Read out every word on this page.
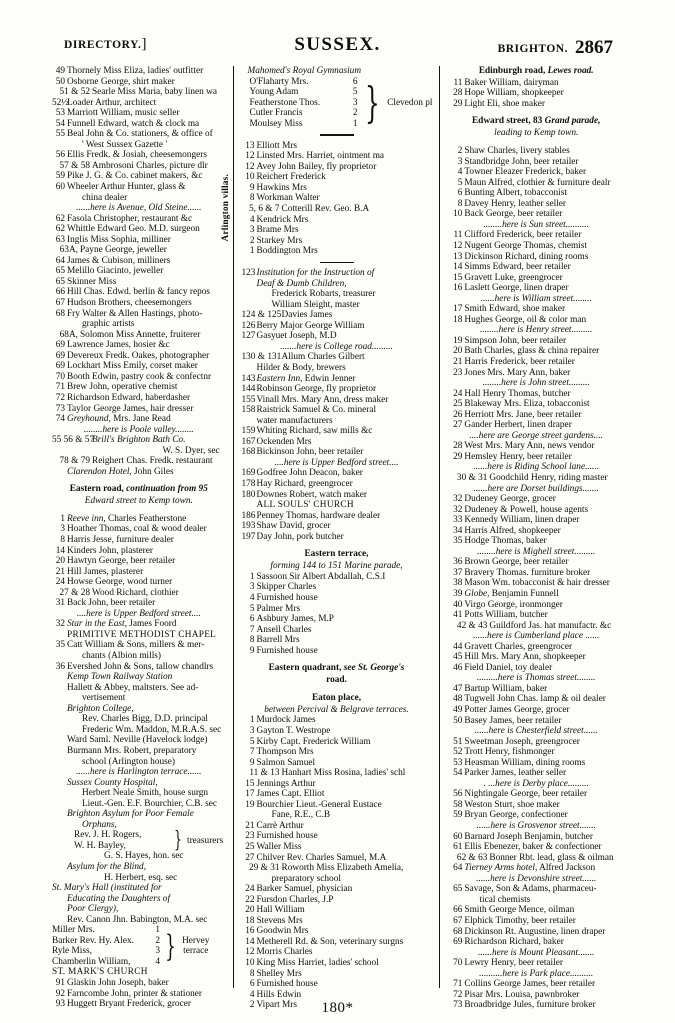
DIRECTORY.]	SUSSEX.	BRIGHTON. 2867
49 Thornely Miss Eliza, ladies' outfitter
50 Osborne George, shirt maker
51 & 52 Searle Miss Maria, baby linen wa
52½Loader Arthur, architect
53 Marriott William, music seller
54 Funnell Edward, watch & clock ma
55 Beal John & Co. stationers, & office of
' West Sussex Gazette '
56 Ellis Fredk. & Josiah, cheesemongers
57 & 58 Ambrosoni Charles, picture dlr
59 Pike J. G. & Co. cabinet makers, &c
60 Wheeler Arthur Hunter, glass &
china dealer
......here is Avenue, Old Steine......
62 Fasola Christopher, restaurant &c
62 Whittle Edward Geo. M.D. surgeon
63 Inglis Miss Sophia, milliner
63A, Payne George, jeweller
64 James & Cubison, milliners
65 Melillo Giacinto, jeweller
65 Skinner Miss
66 Hill Chas. Edwd. berlin & fancy repos
67 Hudson Brothers, cheesemongers
68 Fry Walter & Allen Hastings, photo-
graphic artists
68A, Solomon Miss Annette, fruiterer
69 Lawrence James, hosier &c
69 Devereux Fredk. Oakes, photographer
69 Lockhart Miss Emily, corset maker
70 Booth Edwin, pastry cook & confectnr
71 Brew John, operative chemist
72 Richardson Edward, haberdasher
73 Taylor George James, hair dresser
74 Greyhound, Mrs. Jane Read
........here is Poole valley........
55 56 & 57Brill's Brighton Bath Co.
W. S. Dyer, sec
78 & 79 Reighert Chas. Fredk. restaurant
Clarendon Hotel, John Giles
Eastern road, continuation from 95
Edward street to Kemp town.
1 Reeve inn, Charles Featherstone
3 Hoather Thomas, coal & wood dealer
8 Harris Jesse, furniture dealer
14 Kinders John, plasterer
20 Hawtyn George, beer retailer
21 Hill James, plasterer
24 Howse George, wood turner
27 & 28 Wood Richard, clothier
31 Back John, beer retailer
....here is Upper Bedford street....
32 Star in the East, James Foord
PRIMITIVE METHODIST CHAPEL
35 Catt William & Sons, millers & mer-
chants (Albion mills)
36 Evershed John & Sons, tallow chandlrs
Kemp Town Railway Station
Hallett & Abbey, maltsters. See ad-
vertisement
Brighton College,
Rev. Charles Bigg, D.D. principal
Frederic Wm. Maddon, M.R.A.S. sec
Ward Saml. Neville (Havelock lodge)
Burmann Mrs. Robert, preparatory
school (Arlington house)
......here is Harlington terrace......
Sussex County Hospital,
Herbert Neale Smith, house surgn
Lieut.-Gen. E.F. Bourchier, C.B. sec
Brighton Asylum for Poor Female
Orphans,
Rev. J. H. Rogers,
W. H. Bayley, } treasurers
G. S. Hayes, hon. sec
Asylum for the Blind,
H. Herbert, esq. sec
St. Mary's Hall (instituted for
Educating the Daughters of
Poor Clergy),
Rev. Canon Jhn. Babington, M.A. sec
Miller Mrs.	1
Barker Rev. Hy. Alex. 2
Ryle Miss,	3
Chamberlin William,	4 } Hervey
terrace
ST. MARK'S CHURCH
91 Glaskin John Joseph, baker
92 Farncombe John, printer & stationer
93 Huggett Bryant Frederick, grocer
Arlington villas.
Mahomed's Royal Gymnasium
O'Flaharty Mrs.	6
Young Adam	5
Featherstone Thos.	3
Cutler Francis	2
Moulsey Miss	1 } Clevedon pl
13 Elliott Mrs
12 Linsted Mrs. Harriet, ointment ma
12 Avey John Bailey, fly proprietor
10 Reichert Frederick
9 Hawkins Mrs
8 Workman Walter
5, 6 & 7 Cotterill Rev. Geo. B.A
4 Kendrick Mrs
3 Brame Mrs
2 Starkey Mrs
1 Boddington Mrs
123Institution for the Instruction of
Deaf & Dumb Children,
Frederick Robarts, treasurer
William Sleight, master
124 & 125Davies James
126Berry Major George William
127Gasyuet Joseph, M.D
.......here is College road.........
130 & 131Allum Charles Gilbert
Hilder & Body, brewers
143Eastern Inn, Edwin Jenner
144Robinson George, fly proprietor
155Vinall Mrs. Mary Ann, dress maker
158Raistrick Samuel & Co. mineral
water manufacturers
159Whiting Richard, saw mills &c
167Ockenden Mrs
168Bickinson John, beer retailer
....here is Upper Bedford street....
169Godfree John Deacon, baker
178Hay Richard, greengrocer
180Downes Robert, watch maker
ALL SOULS' CHURCH
186Penney Thomas, hardware dealer
193Shaw David, grocer
197Day John, pork butcher
Eastern terrace,
forming 144 to 151 Marine parade,
1 Sassoon Sir Albert Abdallah, C.S.I
3 Skipper Charles
4 Furnished house
5 Palmer Mrs
6 Ashbury James, M.P
7 Ansell Charles
8 Barrell Mrs
9 Furnished house
Eastern quadrant, see St. George's
road.
Eaton place,
between Percival & Belgrave terraces.
1 Murdock James
3 Gayton T. Westrope
5 Kirby Capt. Frederick William
7 Thompson Mrs
9 Salmon Samuel
11 & 13 Hanhart Miss Rosina, ladies' schl
15 Jennings Arthur
17 James Capt. Elliot
19 Bourchier Lieut.-General Eustace
Fane, R.E., C.B
21 Carrè Arthur
23 Furnished house
25 Waller Miss
27 Chilver Rev. Charles Samuel, M.A
29 & 31 Roworth Miss Elizabeth Amelia,
preparatory school
24 Barker Samuel, physician
22 Fursdon Charles, J.P
20 Hall William
18 Stevens Mrs
16 Goodwin Mrs
14 Metherell Rd. & Son, veterinary surgns
12 Morris Charles
10 King Miss Harriet, ladies' school
8 Shelley Mrs
6 Furnished house
4 Hills Edwin
2 Vipart Mrs
Edinburgh road, Lewes road.
11 Baker William, dairyman
28 Hope William, shopkeeper
29 Light Eli, shoe maker
Edward street, 83 Grand parade,
leading to Kemp town.
2 Shaw Charles, livery stables
3 Standbridge John, beer retailer
4 Towner Eleazer Frederick, baker
5 Maun Alfred, clothier & furniture dealr
6 Bunting Albert, tobacconist
8 Davey Henry, leather seller
10 Back George, beer retailer
........here is Sun street..........
11 Clifford Frederick, beer retailer
12 Nugent George Thomas, chemist
13 Dickinson Richard, dining rooms
14 Simms Edward, beer retailer
15 Gravett Luke, greengrocer
16 Laslett George, linen draper
......here is William street........
17 Smith Edward, shoe maker
18 Hughes George, oil & color man
........here is Henry street.........
19 Simpson John, beer retailer
20 Bath Charles, glass & china repairer
21 Harris Frederick, beer retailer
23 Jones Mrs. Mary Ann, baker
........here is John street.........
24 Hall Henry Thomas, butcher
25 Blakeway Mrs. Eliza, tobacconist
26 Herriott Mrs. Jane, beer retailer
27 Gander Herbert, linen draper
....here are George street gardens....
28 West Mrs. Mary Ann, news vendor
29 Hemsley Henry, beer retailer
......here is Riding School lane......
30 & 31 Goodchild Henry, riding master
......here are Dorset buildings.......
32 Dudeney George, grocer
32 Dudeney & Powell, house agents
33 Kennedy William, linen draper
34 Harris Alfred, shopkeeper
35 Hodge Thomas, baker
........here is Mighell street.........
36 Brown George, beer retailer
37 Bravery Thomas. furniture broker
38 Mason Wm. tobacconist & hair dresser
39 Globe, Benjamin Funnell
40 Virgo George, ironmonger
41 Potts William, butcher
42 & 43 Guildford Jas. hat manufactr. &c
......here is Cumberland place ......
44 Gravett Charles, greengrocer
45 Hill Mrs. Mary Ann, shopkeeper
46 Field Daniel, toy dealer
.........here is Thomas street........
47 Bartup William, baker
48 Tugwell John Chas. lamp & oil dealer
49 Potter James George, grocer
50 Basey James, beer retailer
......here is Chesterfield street......
51 Sweetman Joseph, greengrocer
52 Trott Henry, fishmonger
53 Heasman William, dining rooms
54 Parker James, leather seller
. ...here is Derby place.........
56 Nightingale George, beer retailer
58 Weston Sturt, shoe maker
59 Bryan George, confectioner
......here is Grosvenor street.......
60 Barnard Joseph Benjamin, butcher
61 Ellis Ebenezer, baker & confectioner
62 & 63 Bonner Rbt. lead, glass & oilman
64 Tierney Arms hotel, Alfred Jackson
......here is Devonshire street......
65 Savage, Son & Adams, pharmaceu-
tical chemists
66 Smith George Mence, oilman
67 Elphick Timothy, beer retailer
68 Dickinson Rt. Augustine, linen draper
69 Richardson Richard, baker
......here is Mount Pleasant.......
70 Lewry Henry, beer retailer
..........here is Park place..........
71 Collins George James, beer retailer
72 Pisar Mrs. Louisa, pawnbroker
73 Broadbridge Jules, furniture broker
180*
